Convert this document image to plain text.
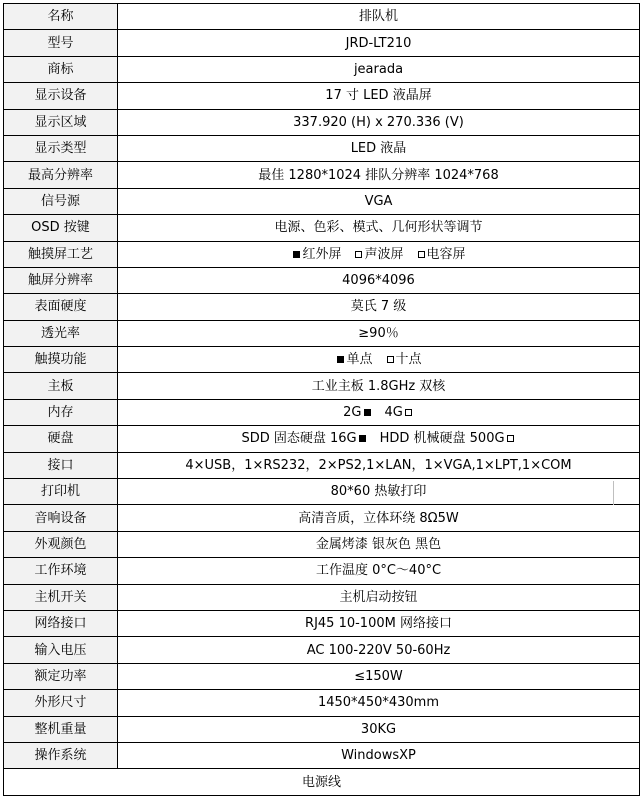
名称	排队机
型号	JRD-LT210
商标	jearada
显示设备	17 寸 LED 液晶屏
显示区域	337.920 (H) x 270.336 (V)
显示类型	LED 液晶
最高分辨率	最佳 1280*1024 排队分辨率 1024*768
信号源	VGA
OSD 按键	电源、色彩、模式、几何形状等调节
触摸屏工艺	红外屏 声波屏 电容屏
触屏分辨率	4096*4096
表面硬度	莫氏 7 级
透光率	≥90％
触摸功能	单点 十点
主板	工业主板 1.8GHz 双核
内存	2G 4G
硬盘	SDD 固态硬盘 16G HDD 机械硬盘 500G
接口	4×USB，1×RS232，2×PS2,1×LAN，1×VGA,1×LPT,1×COM
打印机	80*60 热敏打印
音响设备	高清音质，立体环绕 8Ω5W
外观颜色	金属烤漆 银灰色 黑色
工作环境	工作温度 0°C～40°C
主机开关	主机启动按钮
网络接口	RJ45 10-100M 网络接口
输入电压	AC 100-220V 50-60Hz
额定功率	≤150W
外形尺寸	1450*450*430mm
整机重量	30KG
操作系统	WindowsXP
电源线	
